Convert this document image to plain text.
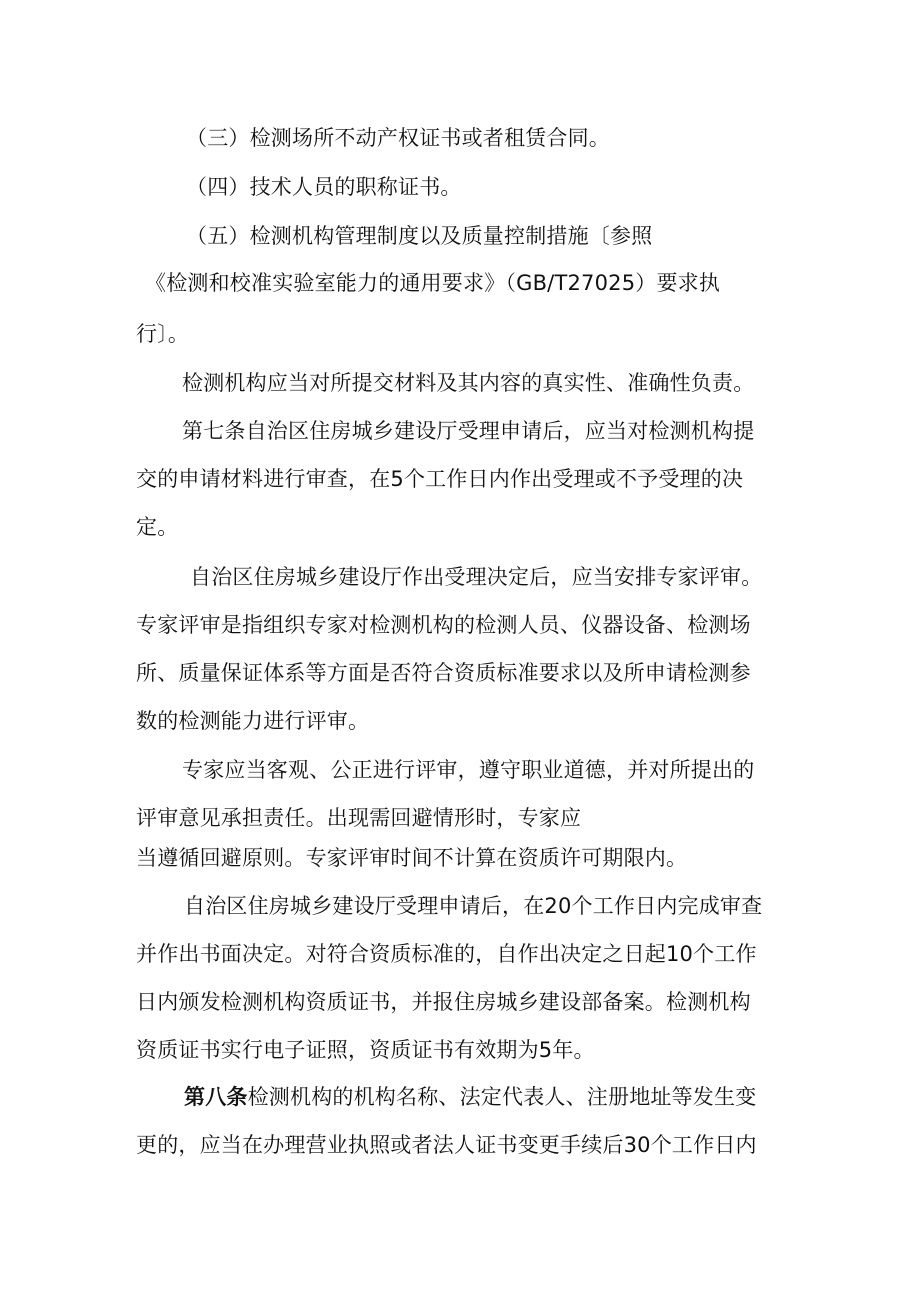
（三）检测场所不动产权证书或者租赁合同。
（四）技术人员的职称证书。
（五）检测机构管理制度以及质量控制措施〔参照
《检测和校准实验室能力的通用要求》（GB/T27025）要求执
行〕。
检测机构应当对所提交材料及其内容的真实性、准确性负责。
第七条自治区住房城乡建设厅受理申请后，应当对检测机构提
交的申请材料进行审查，在5个工作日内作出受理或不予受理的决
定。
自治区住房城乡建设厅作出受理决定后，应当安排专家评审。
专家评审是指组织专家对检测机构的检测人员、仪器设备、检测场
所、质量保证体系等方面是否符合资质标准要求以及所申请检测参
数的检测能力进行评审。
专家应当客观、公正进行评审，遵守职业道德，并对所提出的
评审意见承担责任。出现需回避情形时，专家应
当遵循回避原则。专家评审时间不计算在资质许可期限内。
自治区住房城乡建设厅受理申请后，在20个工作日内完成审查
并作出书面决定。对符合资质标准的，自作出决定之日起10个工作
日内颁发检测机构资质证书，并报住房城乡建设部备案。检测机构
资质证书实行电子证照，资质证书有效期为5年。
第八条检测机构的机构名称、法定代表人、注册地址等发生变
更的，应当在办理营业执照或者法人证书变更手续后30个工作日内
